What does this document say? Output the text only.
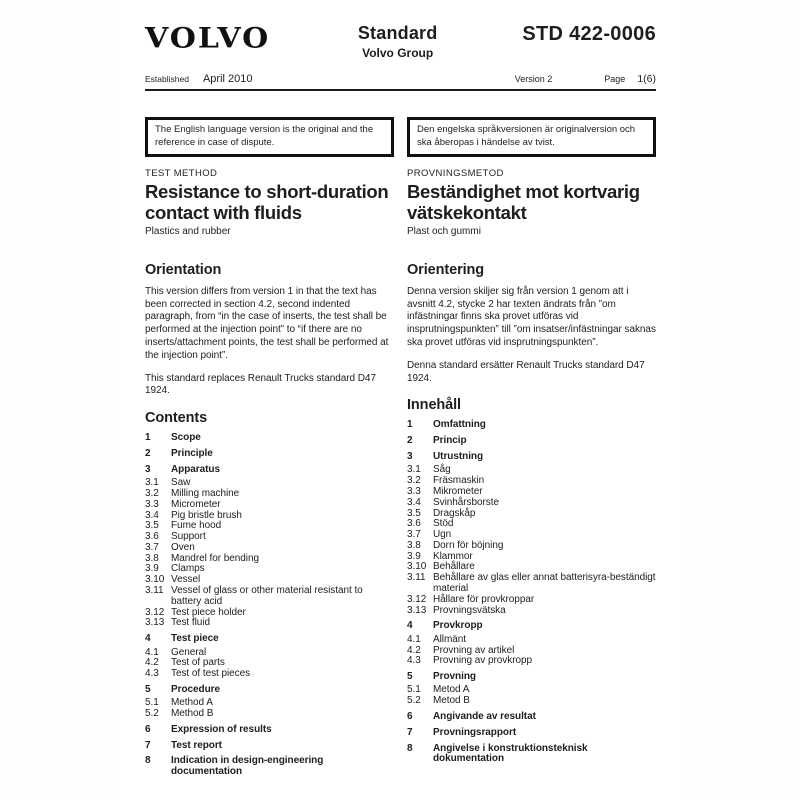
VOLVO	Standard
Volvo Group
STD 422-0006
Established April 2010	Version 2	Page 1(6)
The English language version is the original and the reference in case of dispute.
Den engelska språkversionen är originalversion och ska åberopas i händelse av tvist.
TEST METHOD
Resistance to short-duration contact with fluids
Plastics and rubber
Orientation

This version differs from version 1 in that the text has been corrected in section 4.2, second indented paragraph, from “in the case of inserts, the test shall be performed at the injection point” to “if there are no inserts/attachment points, the test shall be performed at the injection point”.

This standard replaces Renault Trucks standard D47 1924.

Contents
1	Scope
2	Principle
3	Apparatus
3.1	Saw
3.2	Milling machine
3.3	Micrometer
3.4	Pig bristle brush
3.5	Fume hood
3.6	Support
3.7	Oven
3.8	Mandrel for bending
3.9	Clamps
3.10 Vessel
3.11 Vessel of glass or other material resistant to battery acid
3.12 Test piece holder
3.13 Test fluid
4	Test piece
4.1	General
4.2	Test of parts
4.3	Test of test pieces
5	Procedure
5.1	Method A
5.2	Method B
6	Expression of results
7	Test report
8	Indication in design-engineering documentation
PROVNINGSMETOD
Beständighet mot kortvarig vätskekontakt
Plast och gummi
Orientering

Denna version skiljer sig från version 1 genom att i avsnitt 4.2, stycke 2 har texten ändrats från ”om infästningar finns ska provet utföras vid insprutningspunkten” till ”om insatser/infästningar saknas ska provet utföras vid insprutningspunkten”.

Denna standard ersätter Renault Trucks standard D47 1924.

Innehåll
1	Omfattning
2	Princip
3	Utrustning
3.1	Såg
3.2	Fräsmaskin
3.3	Mikrometer
3.4	Svinhårsborste
3.5	Dragskåp
3.6	Stöd
3.7	Ugn
3.8	Dorn för böjning
3.9	Klammor
3.10 Behållare
3.11 Behållare av glas eller annat batterisyra-beständigt material
3.12 Hållare för provkroppar
3.13 Provningsvätska
4	Provkropp
4.1	Allmänt
4.2	Provning av artikel
4.3	Provning av provkropp
5	Provning
5.1	Metod A
5.2	Metod B
6	Angivande av resultat
7	Provningsrapport
8	Angivelse i konstruktionsteknisk dokumentation
